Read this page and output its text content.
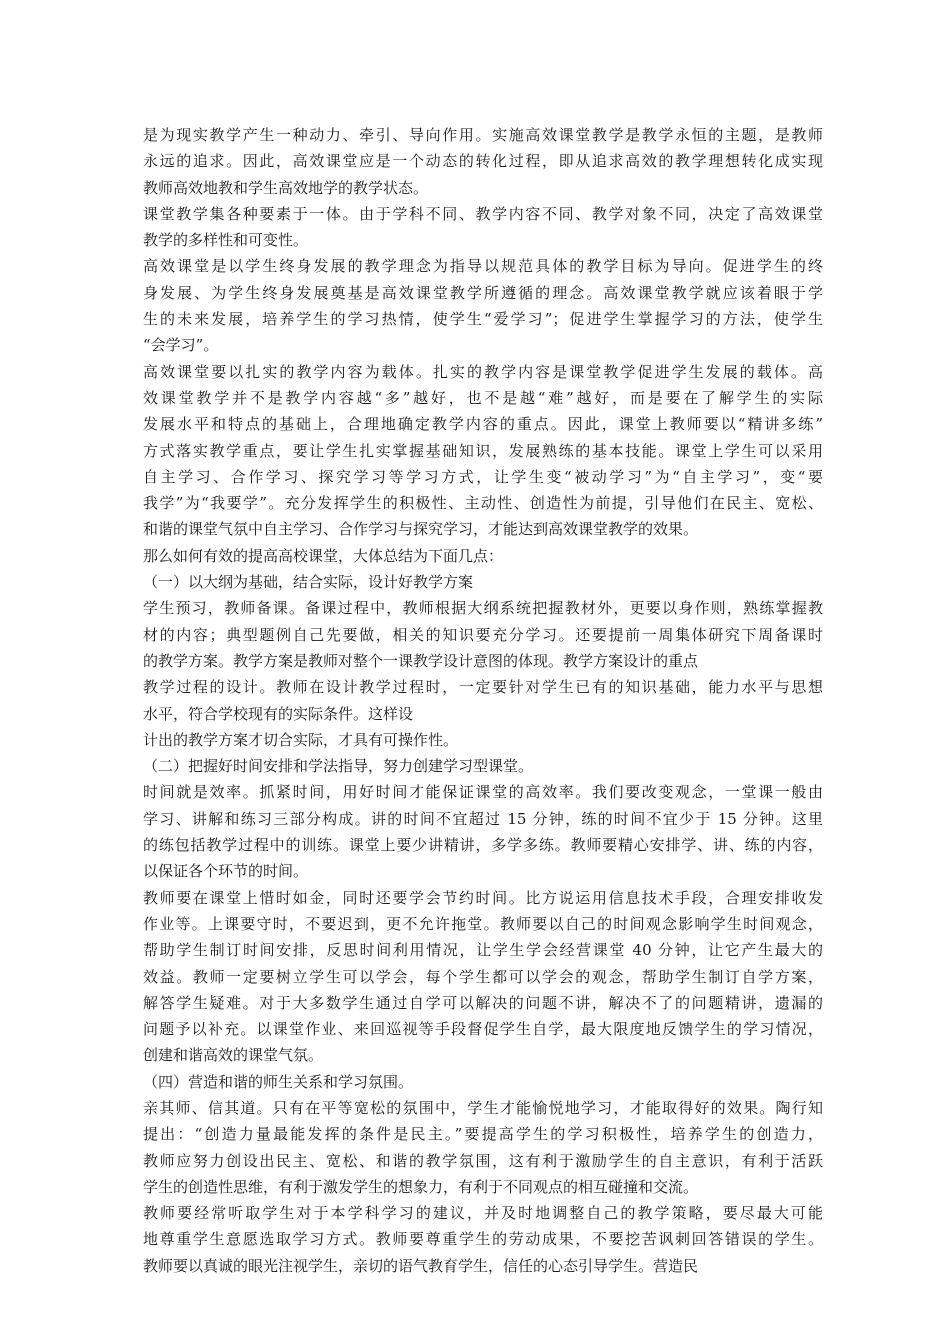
是为现实教学产生一种动力、牵引、导向作用。实施高效课堂教学是教学永恒的主题，是教师
永远的追求。因此，高效课堂应是一个动态的转化过程，即从追求高效的教学理想转化成实现
教师高效地教和学生高效地学的教学状态。
课堂教学集各种要素于一体。由于学科不同、教学内容不同、教学对象不同，决定了高效课堂
教学的多样性和可变性。
高效课堂是以学生终身发展的教学理念为指导以规范具体的教学目标为导向。促进学生的终
身发展、为学生终身发展奠基是高效课堂教学所遵循的理念。高效课堂教学就应该着眼于学
生的未来发展，培养学生的学习热情，使学生“爱学习”；促进学生掌握学习的方法，使学生
“会学习”。
高效课堂要以扎实的教学内容为载体。扎实的教学内容是课堂教学促进学生发展的载体。高
效课堂教学并不是教学内容越“多”越好，也不是越“难”越好，而是要在了解学生的实际
发展水平和特点的基础上，合理地确定教学内容的重点。因此，课堂上教师要以“精讲多练”
方式落实教学重点，要让学生扎实掌握基础知识，发展熟练的基本技能。课堂上学生可以采用
自主学习、合作学习、探究学习等学习方式，让学生变“被动学习”为“自主学习”，变“要
我学”为“我要学”。充分发挥学生的积极性、主动性、创造性为前提，引导他们在民主、宽松、
和谐的课堂气氛中自主学习、合作学习与探究学习，才能达到高效课堂教学的效果。
那么如何有效的提高高校课堂，大体总结为下面几点：
（一）以大纲为基础，结合实际，设计好教学方案
学生预习，教师备课。备课过程中，教师根据大纲系统把握教材外，更要以身作则，熟练掌握教
材的内容；典型题例自己先要做，相关的知识要充分学习。还要提前一周集体研究下周备课时
的教学方案。教学方案是教师对整个一课教学设计意图的体现。教学方案设计的重点
教学过程的设计。教师在设计教学过程时，一定要针对学生已有的知识基础，能力水平与思想
水平，符合学校现有的实际条件。这样设
计出的教学方案才切合实际，才具有可操作性。
（二）把握好时间安排和学法指导，努力创建学习型课堂。
时间就是效率。抓紧时间，用好时间才能保证课堂的高效率。我们要改变观念，一堂课一般由
学习、讲解和练习三部分构成。讲的时间不宜超过 15 分钟，练的时间不宜少于 15 分钟。这里
的练包括教学过程中的训练。课堂上要少讲精讲，多学多练。教师要精心安排学、讲、练的内容，
以保证各个环节的时间。
教师要在课堂上惜时如金，同时还要学会节约时间。比方说运用信息技术手段，合理安排收发
作业等。上课要守时，不要迟到，更不允许拖堂。教师要以自己的时间观念影响学生时间观念，
帮助学生制订时间安排，反思时间利用情况，让学生学会经营课堂 40 分钟，让它产生最大的
效益。教师一定要树立学生可以学会，每个学生都可以学会的观念，帮助学生制订自学方案，
解答学生疑难。对于大多数学生通过自学可以解决的问题不讲，解决不了的问题精讲，遗漏的
问题予以补充。以课堂作业、来回巡视等手段督促学生自学，最大限度地反馈学生的学习情况，
创建和谐高效的课堂气氛。
（四）营造和谐的师生关系和学习氛围。
亲其师、信其道。只有在平等宽松的氛围中，学生才能愉悦地学习，才能取得好的效果。陶行知
提出：“创造力量最能发挥的条件是民主。”要提高学生的学习积极性，培养学生的创造力，
教师应努力创设出民主、宽松、和谐的教学氛围，这有利于激励学生的自主意识，有利于活跃
学生的创造性思维，有利于激发学生的想象力，有利于不同观点的相互碰撞和交流。
教师要经常听取学生对于本学科学习的建议，并及时地调整自己的教学策略，要尽最大可能
地尊重学生意愿选取学习方式。教师要尊重学生的劳动成果，不要挖苦讽刺回答错误的学生。
教师要以真诚的眼光注视学生，亲切的语气教育学生，信任的心态引导学生。营造民
